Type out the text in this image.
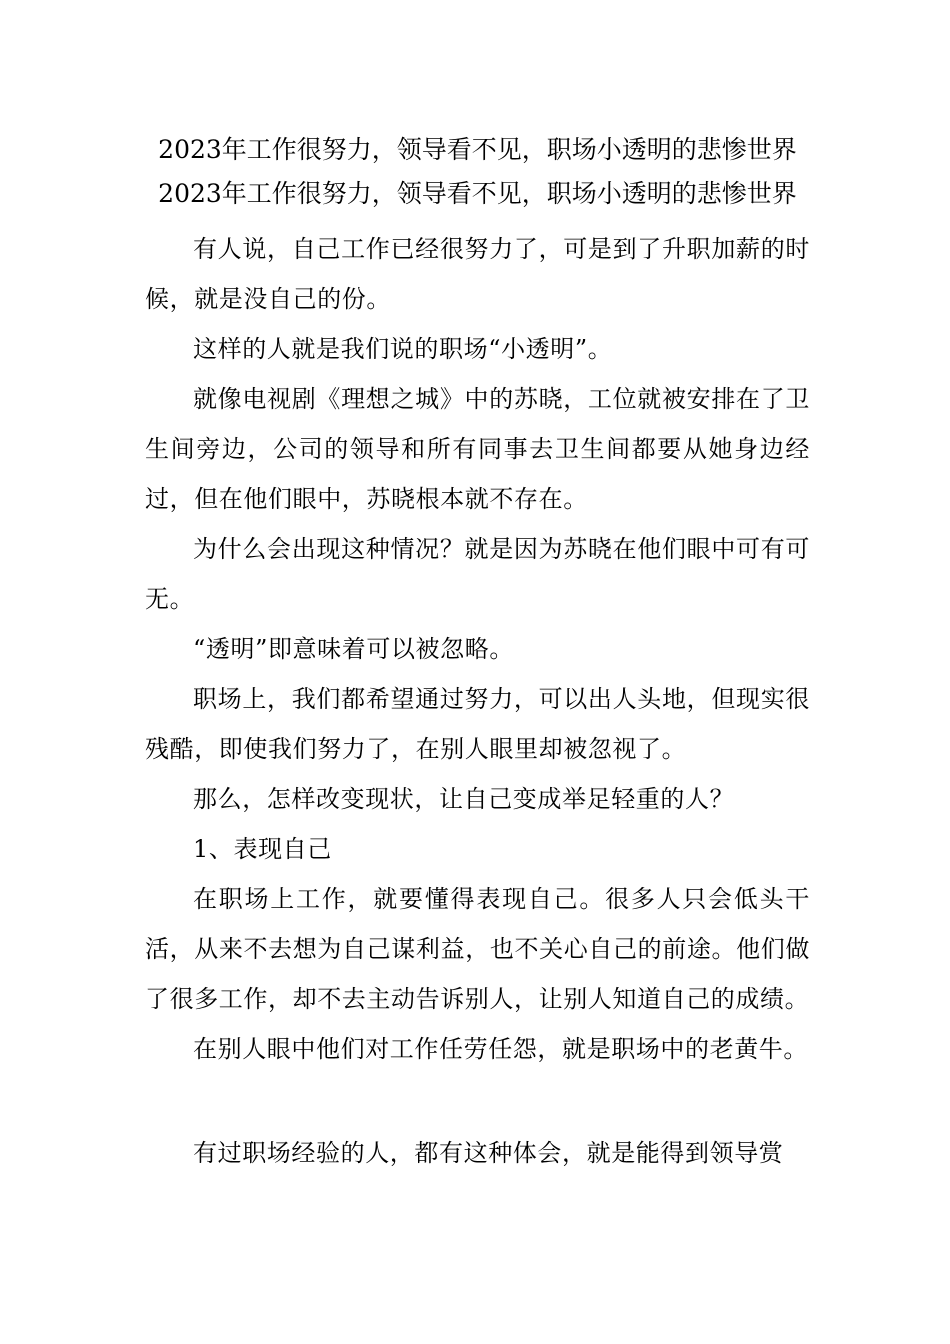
2023年工作很努力，领导看不见，职场小透明的悲惨世界

2023年工作很努力，领导看不见，职场小透明的悲惨世界

有人说，自己工作已经很努力了，可是到了升职加薪的时候，就是没自己的份。

这样的人就是我们说的职场“小透明”。

就像电视剧《理想之城》中的苏晓，工位就被安排在了卫生间旁边，公司的领导和所有同事去卫生间都要从她身边经过，但在他们眼中，苏晓根本就不存在。

为什么会出现这种情况？就是因为苏晓在他们眼中可有可无。

“透明”即意味着可以被忽略。

职场上，我们都希望通过努力，可以出人头地，但现实很残酷，即使我们努力了，在别人眼里却被忽视了。

那么，怎样改变现状，让自己变成举足轻重的人？

1、表现自己

在职场上工作，就要懂得表现自己。很多人只会低头干活，从来不去想为自己谋利益，也不关心自己的前途。他们做了很多工作，却不去主动告诉别人，让别人知道自己的成绩。

在别人眼中他们对工作任劳任怨，就是职场中的老黄牛。

有过职场经验的人，都有这种体会，就是能得到领导赏
